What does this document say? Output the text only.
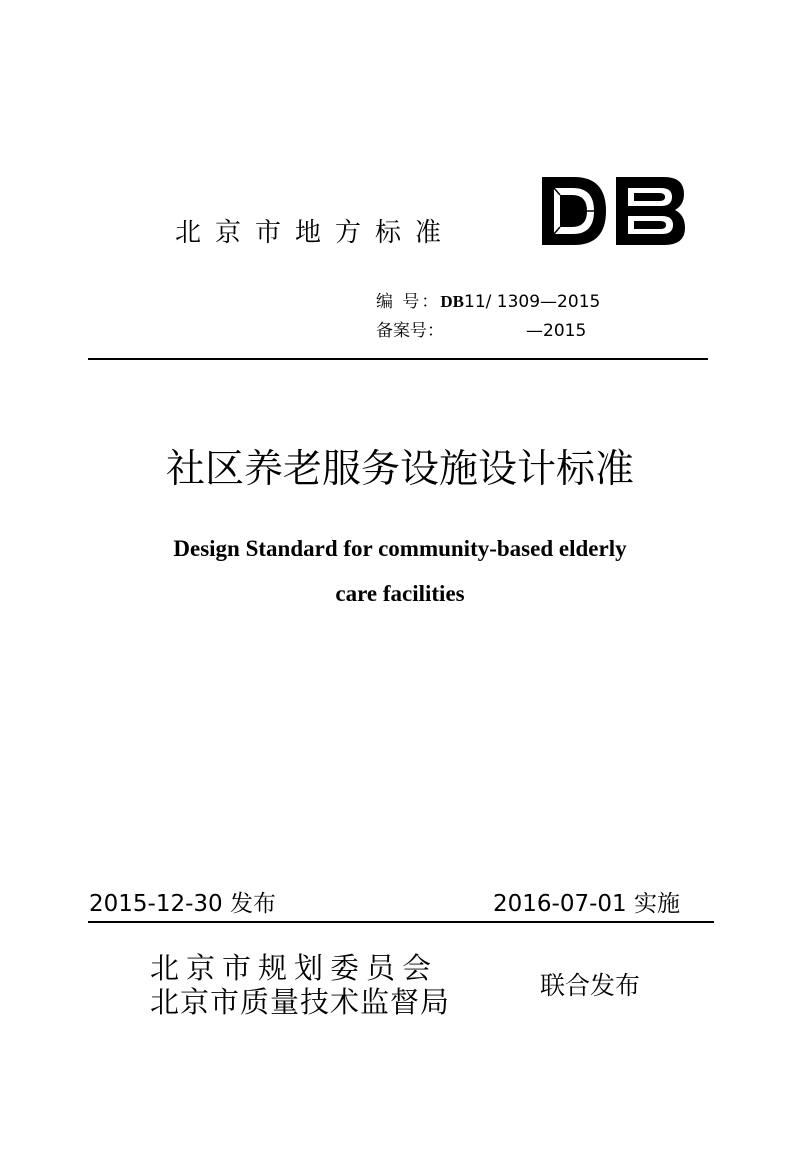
北京市地方标准
编 号：DB11/ 1309—2015
备案号：	—2015
社区养老服务设施设计标准
Design Standard for community-based elderly
care facilities
2015-12-30 发布	2016-07-01 实施
北京市规划委员会
北京市质量技术监督局	联合发布
